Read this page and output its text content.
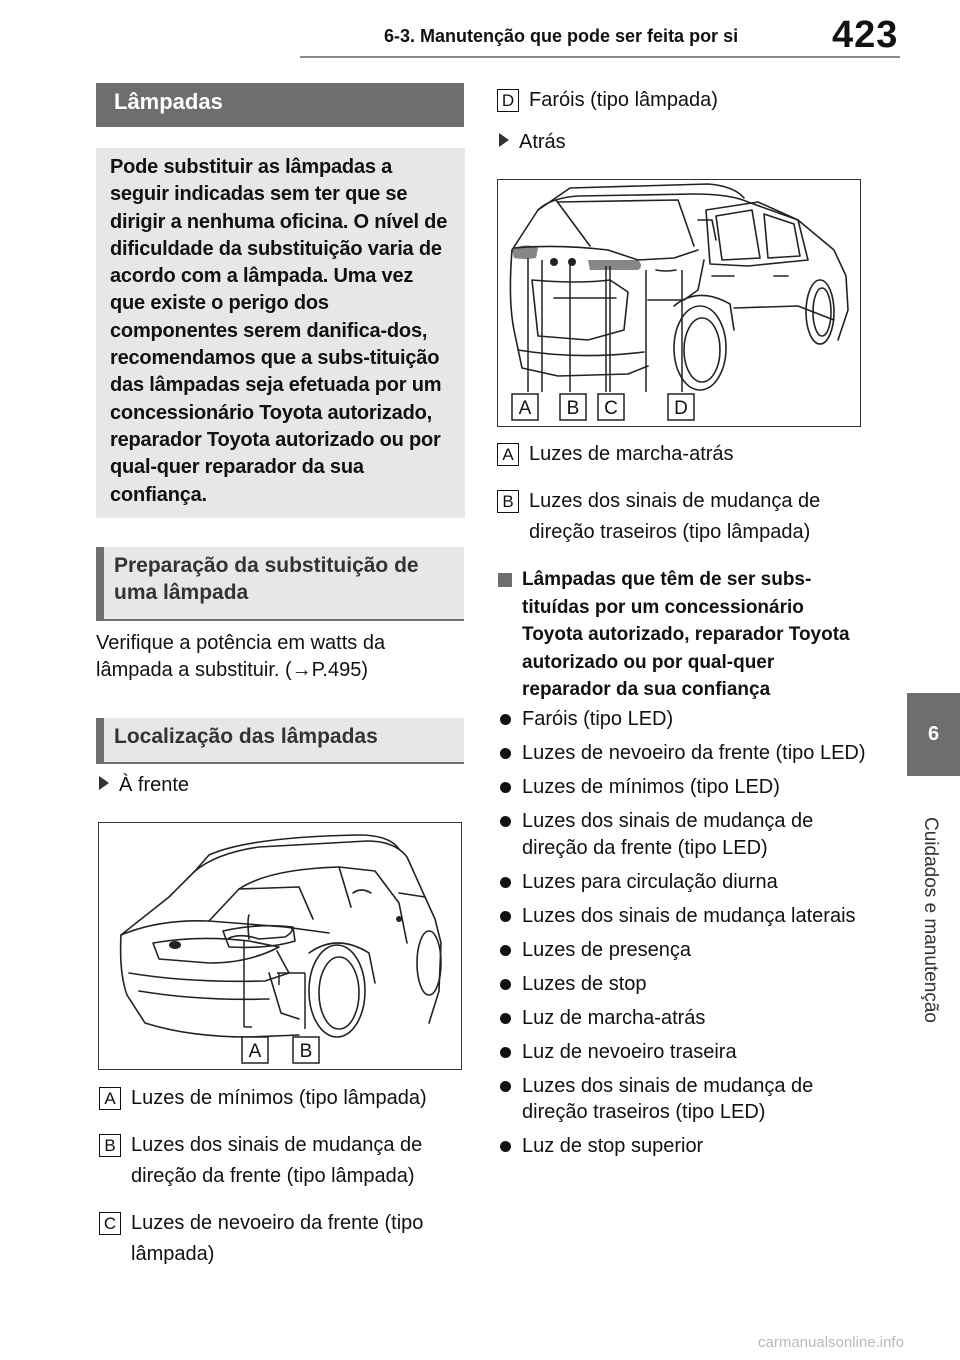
6-3. Manutenção que pode ser feita por si 423
6
Cuidados e manutenção
Lâmpadas
Pode substituir as lâmpadas a seguir indicadas sem ter que se dirigir a nenhuma oficina. O nível de dificuldade da substituição varia de acordo com a lâmpada. Uma vez que existe o perigo dos componentes serem danifica-dos, recomendamos que a subs-tituição das lâmpadas seja efetuada por um concessionário Toyota autorizado, reparador Toyota autorizado ou por qual-quer reparador da sua confiança.
Preparação da substituição de uma lâmpada
Verifique a potência em watts da
lâmpada a substituir. (→P.495)
Localização das lâmpadas
À frente
A B
A Luzes de mínimos (tipo lâmpada)
B Luzes dos sinais de mudança de direção da frente (tipo lâmpada)
C Luzes de nevoeiro da frente (tipo lâmpada)
D Faróis (tipo lâmpada)
Atrás
A B C	D
A Luzes de marcha-atrás
B Luzes dos sinais de mudança de direção traseiros (tipo lâmpada)
Lâmpadas que têm de ser subs-tituídas por um concessionário Toyota autorizado, reparador Toyota autorizado ou por qual-quer reparador da sua confiança
Faróis (tipo LED)
Luzes de nevoeiro da frente (tipo LED)
Luzes de mínimos (tipo LED)
Luzes dos sinais de mudança de direção da frente (tipo LED)
Luzes para circulação diurna
Luzes dos sinais de mudança laterais
Luzes de presença
Luzes de stop
Luz de marcha-atrás
Luz de nevoeiro traseira
Luzes dos sinais de mudança de direção traseiros (tipo LED)
Luz de stop superior
carmanualsonline.info
